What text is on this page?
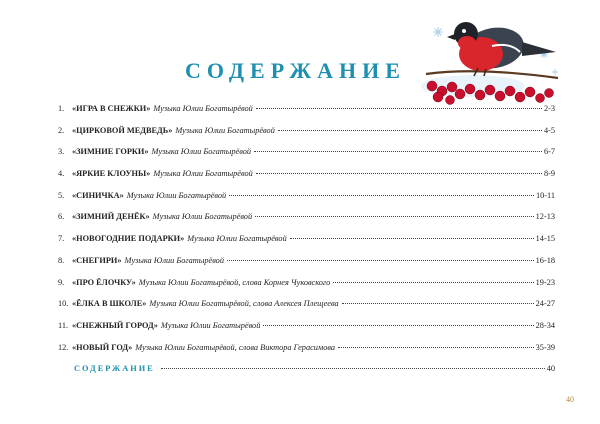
СОДЕРЖАНИЕ
1. «ИГРА В СНЕЖКИ» Музыка Юлии Богатырёвой	2-3
2. «ЦИРКОВОЙ МЕДВЕДЬ» Музыка Юлии Богатырёвой	4-5
3. «ЗИМНИЕ ГОРКИ» Музыка Юлии Богатырёвой	6-7
4. «ЯРКИЕ КЛОУНЫ» Музыка Юлии Богатырёвой	8-9
5. «СИНИЧКА» Музыка Юлии Богатырёвой	10-11
6. «ЗИМНИЙ ДЕНЁК» Музыка Юлии Богатырёвой	12-13
7. «НОВОГОДНИЕ ПОДАРКИ» Музыка Юлии Богатырёвой	14-15
8. «СНЕГИРИ» Музыка Юлии Богатырёвой	16-18
9. «ПРО ЁЛОЧКУ» Музыка Юлии Богатырёвой, слова Корнея Чуковского	19-23
10. «ЁЛКА В ШКОЛЕ» Музыка Юлии Богатырёвой, слова Алексея Плещеева	24-27
11. «СНЕЖНЫЙ ГОРОД» Музыка Юлии Богатырёвой	28-34
12. «НОВЫЙ ГОД» Музыка Юлии Богатырёвой, слова Виктора Герасимова	35-39
СОДЕРЖАНИЕ	40
40
